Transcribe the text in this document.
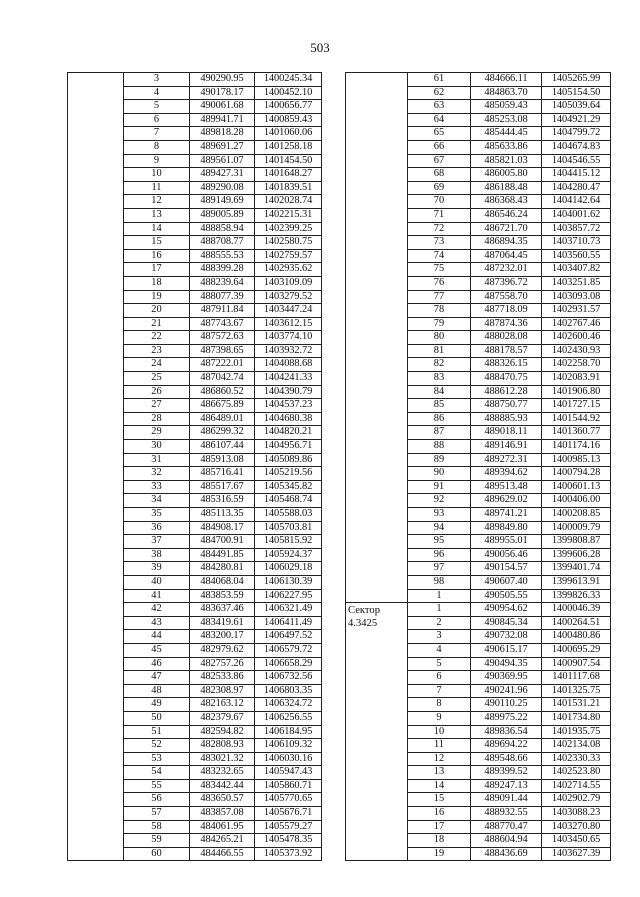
503
	3	490290.95	1400245.34
	4	490178.17	1400452.10
	5	490061.68	1400656.77
	6	489941.71	1400859.43
	7	489818.28	1401060.06
	8	489691.27	1401258.18
	9	489561.07	1401454.50
	10	489427.31	1401648.27
	11	489290.08	1401839.51
	12	489149.69	1402028.74
	13	489005.89	1402215.31
	14	488858.94	1402399.25
	15	488708.77	1402580.75
	16	488555.53	1402759.57
	17	488399.28	1402935.62
	18	488239.64	1403109.09
	19	488077.39	1403279.52
	20	487911.84	1403447.24
	21	487743.67	1403612.15
	22	487572.63	1403774.10
	23	487398.65	1403932.72
	24	487222.01	1404088.68
	25	487042.74	1404241.33
	26	486860.52	1404390.79
	27	486675.89	1404537.23
	28	486489.01	1404680.38
	29	486299.32	1404820.21
	30	486107.44	1404956.71
	31	485913.08	1405089.86
	32	485716.41	1405219.56
	33	485517.67	1405345.82
	34	485316.59	1405468.74
	35	485113.35	1405588.03
	36	484908.17	1405703.81
	37	484700.91	1405815.92
	38	484491.85	1405924.37
	39	484280.81	1406029.18
	40	484068.04	1406130.39
	41	483853.59	1406227.95
	42	483637.46	1406321.49
	43	483419.61	1406411.49
	44	483200.17	1406497.52
	45	482979.62	1406579.72
	46	482757.26	1406658.29
	47	482533.86	1406732.56
	48	482308.97	1406803.35
	49	482163.12	1406324.72
	50	482379.67	1406256.55
	51	482594.82	1406184.95
	52	482808.93	1406109.32
	53	483021.32	1406030.16
	54	483232.65	1405947.43
	55	483442.44	1405860.71
	56	483650.57	1405770.65
	57	483857.08	1405676.71
	58	484061.95	1405579.27
	59	484265.21	1405478.35
	60	484466.55	1405373.92
	61	484666.11	1405265.99
	62	484863.70	1405154.50
	63	485059.43	1405039.64
	64	485253.08	1404921.29
	65	485444.45	1404799.72
	66	485633.86	1404674.83
	67	485821.03	1404546.55
	68	486005.80	1404415.12
	69	486188.48	1404280.47
	70	486368.43	1404142.64
	71	486546.24	1404001.62
	72	486721.70	1403857.72
	73	486894.35	1403710.73
	74	487064.45	1403560.55
	75	487232.01	1403407.82
	76	487396.72	1403251.85
	77	487558.70	1403093.08
	78	487718.09	1402931.57
	79	487874.36	1402767.46
	80	488028.08	1402600.46
	81	488178.57	1402430.93
	82	488326.15	1402258.70
	83	488470.75	1402083.91
	84	488612.28	1401906.80
	85	488750.77	1401727.15
	86	488885.93	1401544.92
	87	489018.11	1401360.77
	88	489146.91	1401174.16
	89	489272.31	1400985.13
	90	489394.62	1400794.28
	91	489513.48	1400601.13
	92	489629.02	1400406.00
	93	489741.21	1400208.85
	94	489849.80	1400009.79
	95	489955.01	1399808.87
	96	490056.46	1399606.28
	97	490154.57	1399401.74
	98	490607.40	1399613.91
	1	490505.55	1399826.33

Сектор
4.3425	1	490954.62	1400046.39
	2	490845.34	1400264.51
	3	490732.08	1400480.86
	4	490615.17	1400695.29
	5	490494.35	1400907.54
	6	490369.95	1401117.68
	7	490241.96	1401325.75
	8	490110.25	1401531.21
	9	489975.22	1401734.80
	10	489836.54	1401935.75
	11	489694.22	1402134.08
	12	489548.66	1402330.33
	13	489399.52	1402523.80
	14	489247.13	1402714.55
	15	489091.44	1402902.79
	16	488932.55	1403088.23
	17	488770.47	1403270.80
	18	488604.94	1403450.65
	19	488436.69	1403627.39
